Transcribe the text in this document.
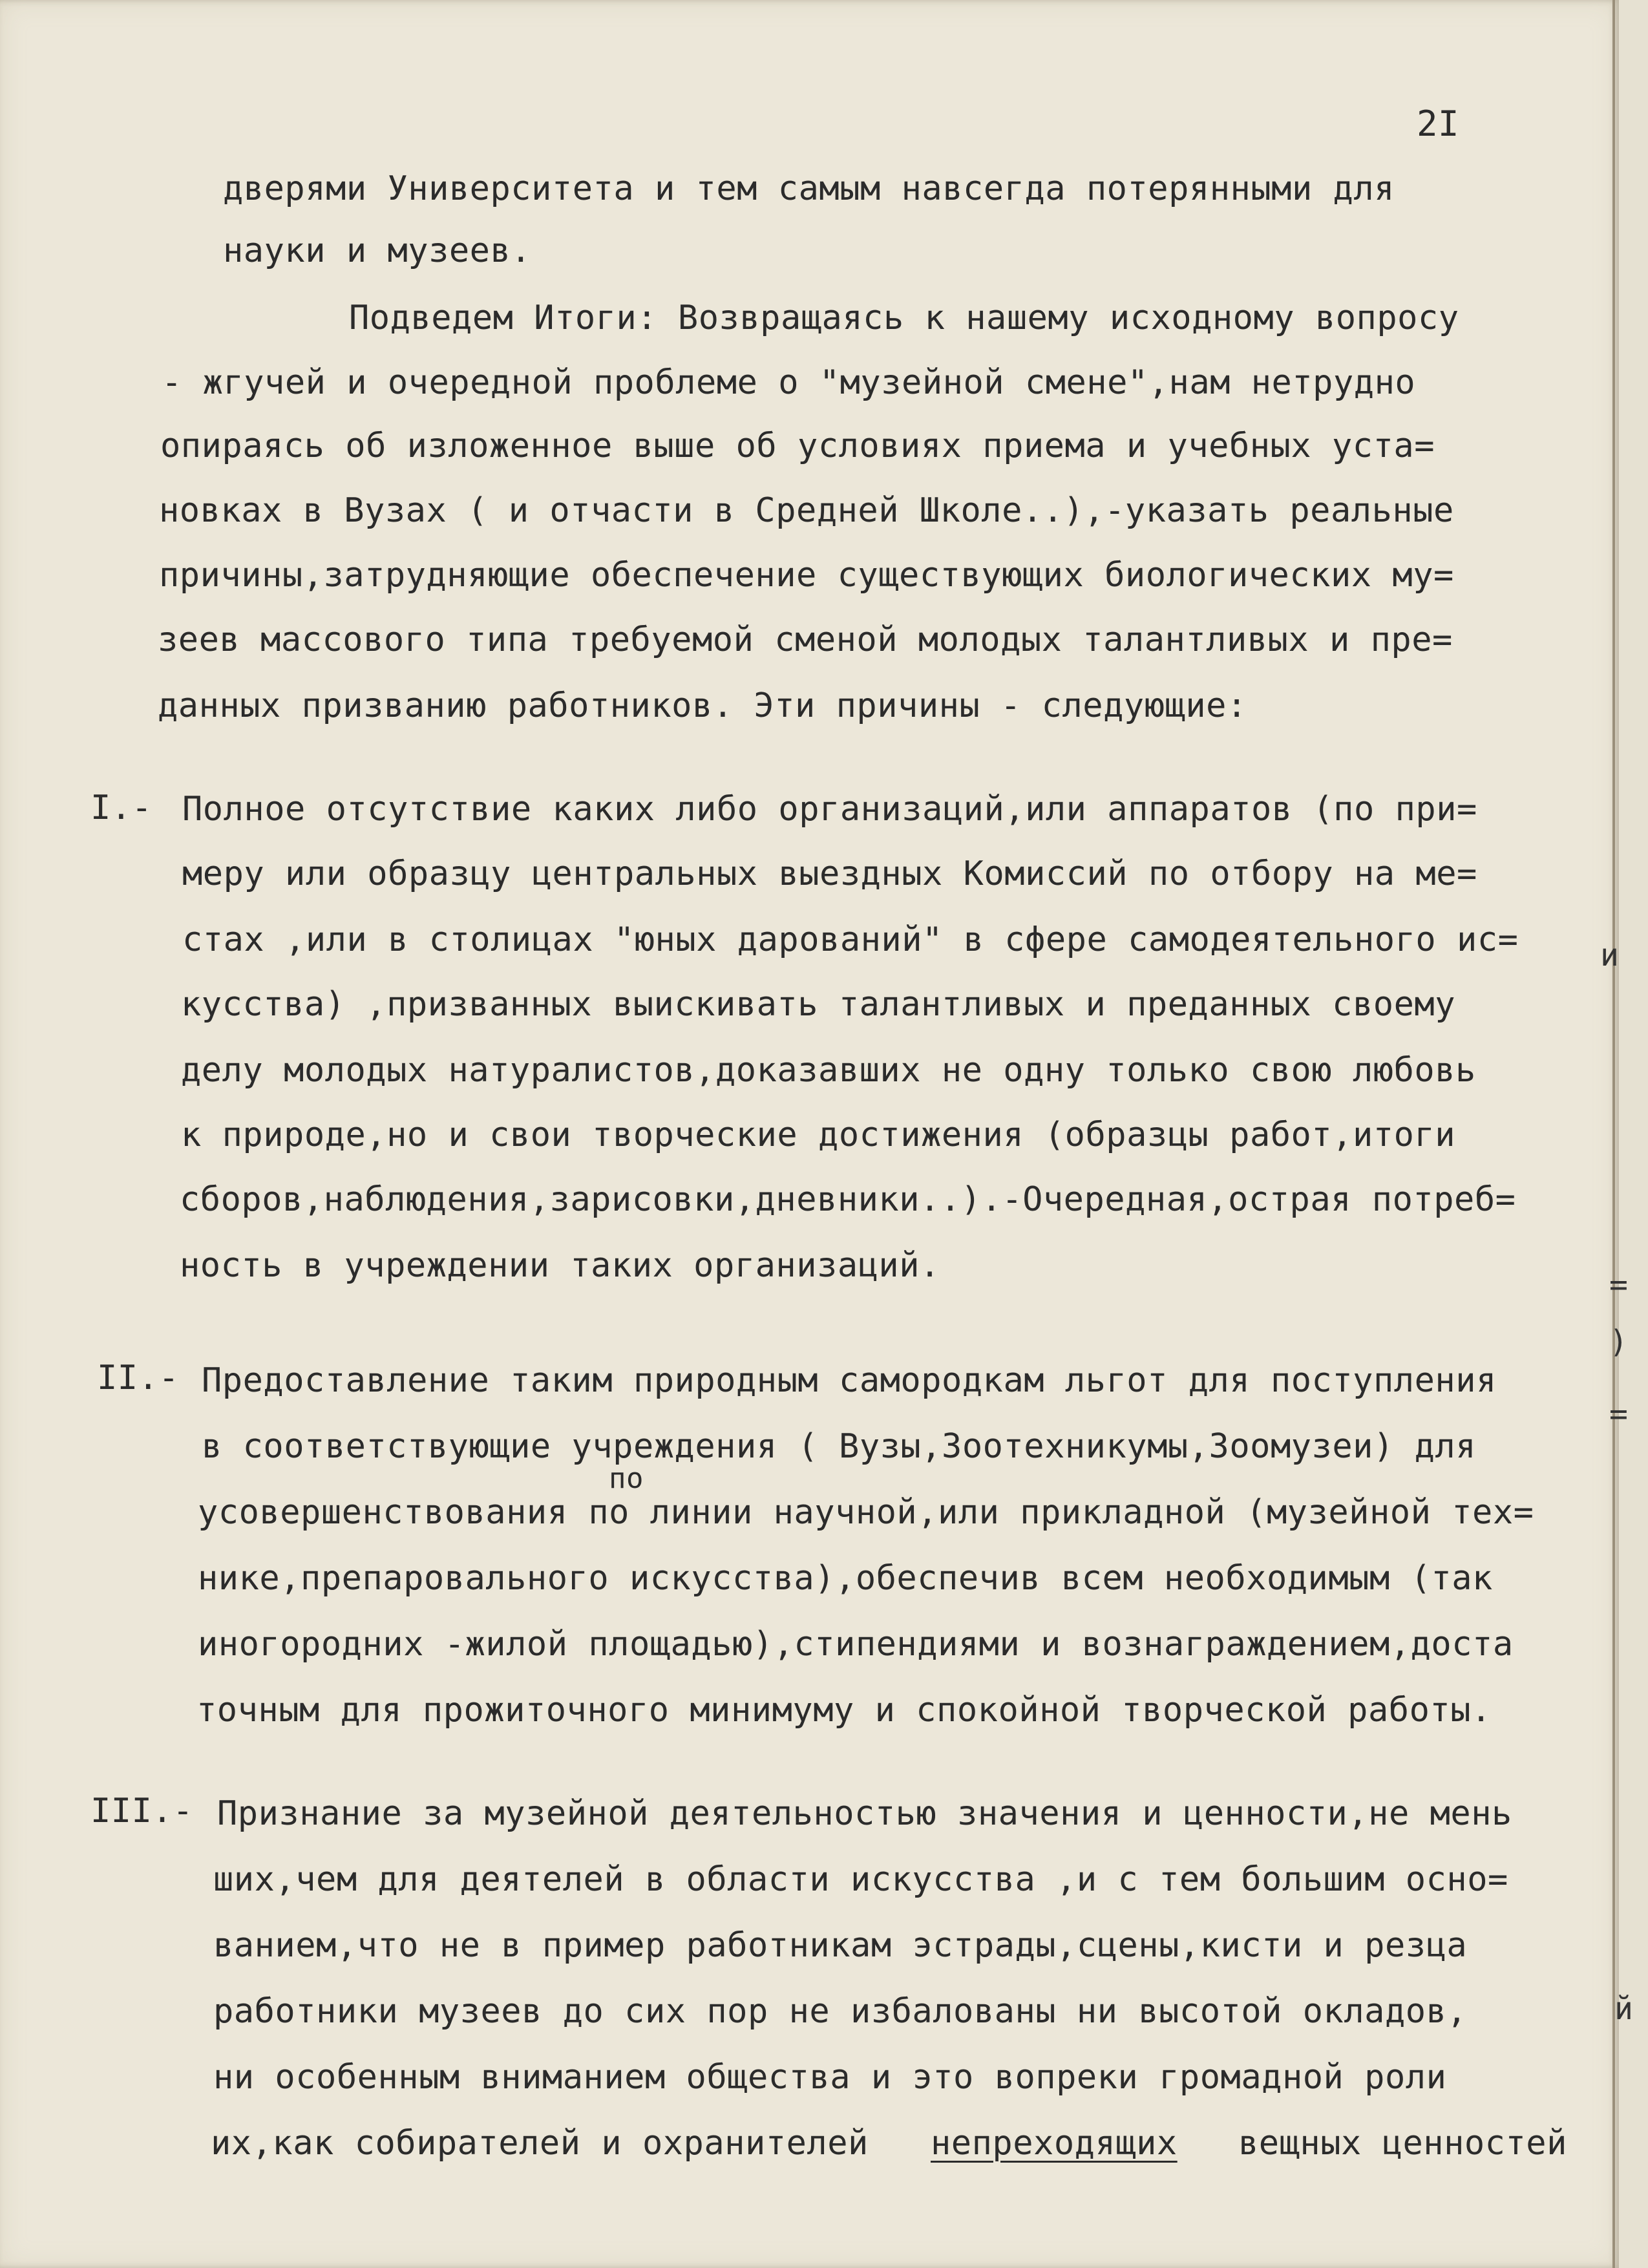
2I
дверями Университета и тем самым навсегда потерянными для
науки и музеев.
Подведем Итоги: Возвращаясь к нашему исходному вопросу
- жгучей и очередной проблеме о "музейной смене",нам нетрудно
опираясь об изложенное выше об условиях приема и учебных уста=
новках в Вузах ( и отчасти в Средней Школе..),-указать реальные
причины,затрудняющие обеспечение существующих биологических му=
зеев массового типа требуемой сменой молодых талантливых и пре=
данных призванию работников. Эти причины - следующие:
I.- Полное отсутствие каких либо организаций,или аппаратов (по при=
меру или образцу центральных выездных Комиссий по отбору на ме=
стах ,или в столицах "юных дарований" в сфере самодеятельного ис=
кусства) ,призванных выискивать талантливых и преданных своему
делу молодых натуралистов,доказавших не одну только свою любовь
к природе,но и свои творческие достижения (образцы работ,итоги
сборов,наблюдения,зарисовки,дневники..).-Очередная,острая потреб=
ность в учреждении таких организаций.
II.- Предоставление таким природным самородкам льгот для поступления
в соответствующие учреждения ( Вузы,Зоотехникумы,Зоомузеи) для
по
усовершенствования по линии научной,или прикладной (музейной тех=
нике,препаровального искусства),обеспечив всем необходимым (так
иногородних -жилой площадью),стипендиями и вознаграждением,доста
точным для прожиточного минимуму и спокойной творческой работы.
III.- Признание за музейной деятельностью значения и ценности,не мень
ших,чем для деятелей в области искусства ,и с тем большим осно=
ванием,что не в пример работникам эстрады,сцены,кисти и резца
работники музеев до сих пор не избалованы ни высотой окладов,
ни особенным вниманием общества и это вопреки громадной роли
их,как собирателей и охранителей непреходящих вещных ценностей
и
=
)
=
й
